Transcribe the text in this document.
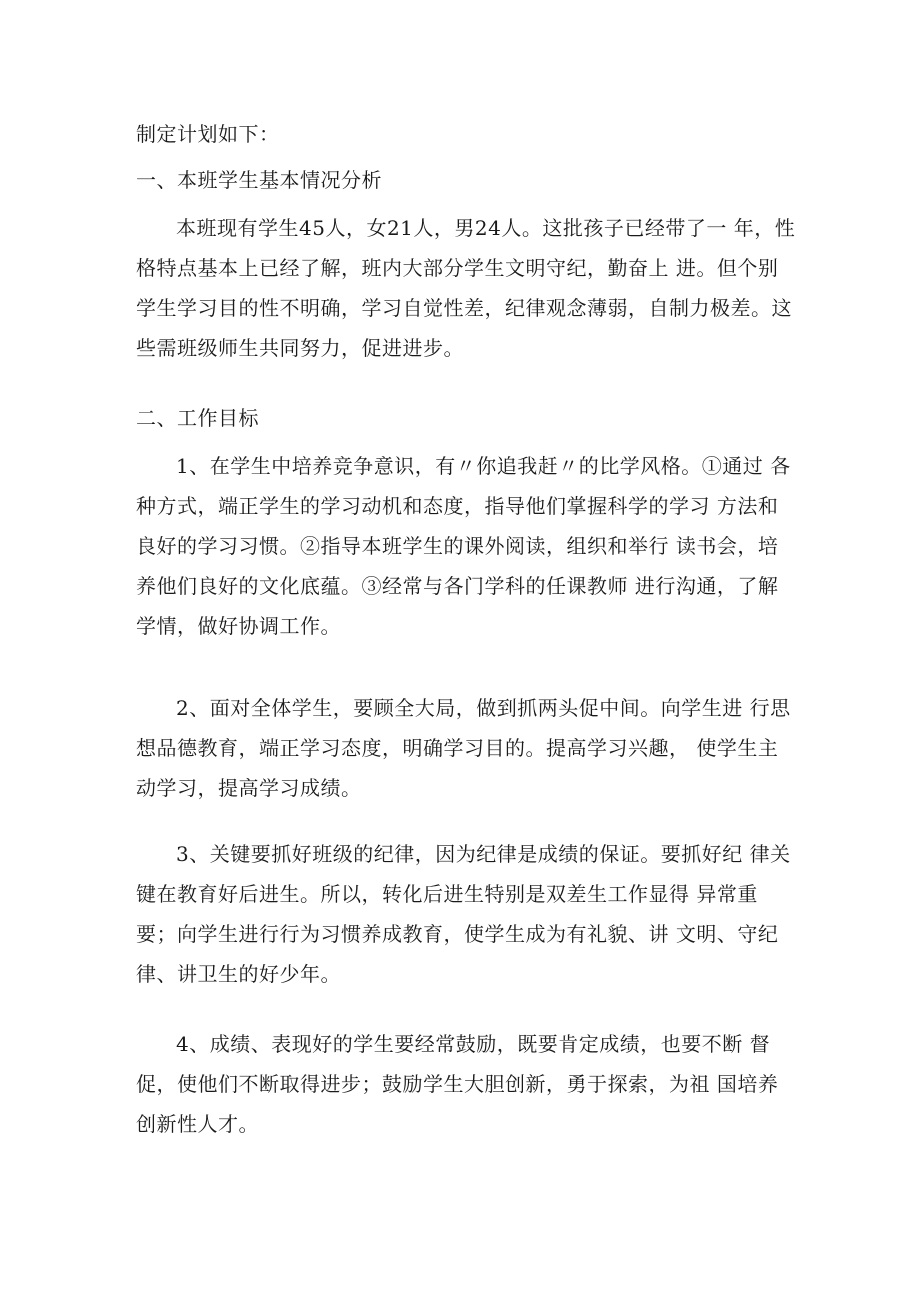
制定计划如下：

一、本班学生基本情况分析

本班现有学生45人，女21人，男24人。这批孩子已经带了一 年，性格特点基本上已经了解，班内大部分学生文明守纪，勤奋上 进。但个别学生学习目的性不明确，学习自觉性差，纪律观念薄弱，自制力极差。这些需班级师生共同努力，促进进步。

二、工作目标

1、在学生中培养竞争意识，有〃你追我赶〃的比学风格。①通过 各种方式，端正学生的学习动机和态度，指导他们掌握科学的学习 方法和良好的学习习惯。②指导本班学生的课外阅读，组织和举行 读书会，培养他们良好的文化底蕴。③经常与各门学科的任课教师 进行沟通，了解学情，做好协调工作。

2、面对全体学生，要顾全大局，做到抓两头促中间。向学生进 行思想品德教育，端正学习态度，明确学习目的。提高学习兴趣， 使学生主动学习，提高学习成绩。

3、关键要抓好班级的纪律，因为纪律是成绩的保证。要抓好纪 律关键在教育好后进生。所以，转化后进生特别是双差生工作显得 异常重要；向学生进行行为习惯养成教育，使学生成为有礼貌、讲 文明、守纪律、讲卫生的好少年。

4、成绩、表现好的学生要经常鼓励，既要肯定成绩，也要不断 督促，使他们不断取得进步；鼓励学生大胆创新，勇于探索，为祖 国培养创新性人才。
